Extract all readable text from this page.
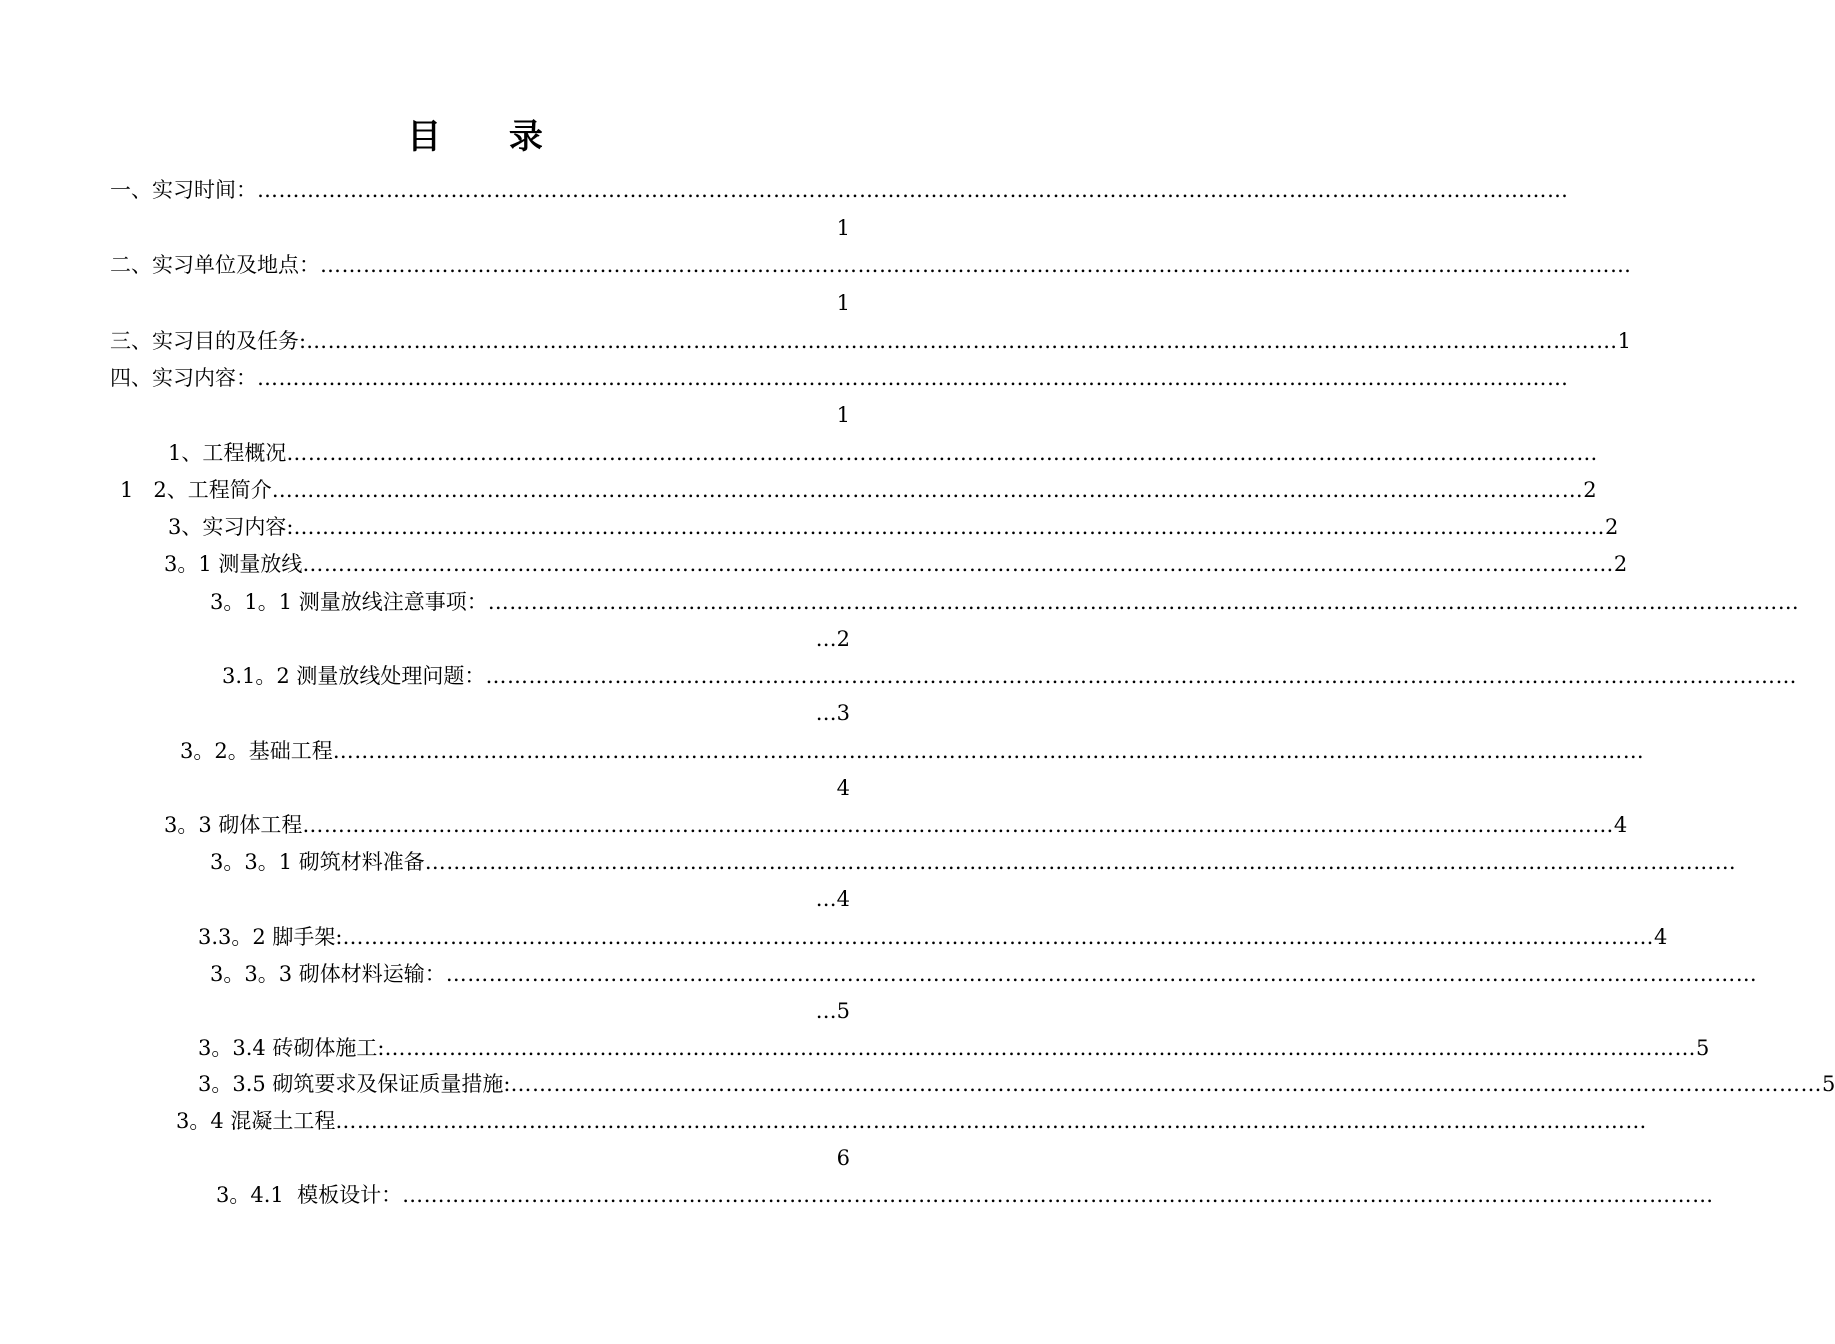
目 录
一、实习时间： …………………………………………………………………………………………………………………………………………………………………
1
二、实习单位及地点： …………………………………………………………………………………………………………………………………………………………………
1
三、实习目的及任务: ………………………………………………………………………………………………………………………………………………………………… 1
四、实习内容： …………………………………………………………………………………………………………………………………………………………………
1
1、工程概况 …………………………………………………………………………………………………………………………………………………………………
1   2、工程简介 ………………………………………………………………………………………………………………………………………………………………… 2
3、实习内容: ………………………………………………………………………………………………………………………………………………………………… 2
3。1 测量放线 ………………………………………………………………………………………………………………………………………………………………… 2
3。1。1 测量放线注意事项： …………………………………………………………………………………………………………………………………………………………………
…2
3.1。2 测量放线处理问题： …………………………………………………………………………………………………………………………………………………………………
…3
3。2。基础工程 …………………………………………………………………………………………………………………………………………………………………
4
3。3 砌体工程 ………………………………………………………………………………………………………………………………………………………………… 4
3。3。1 砌筑材料准备 …………………………………………………………………………………………………………………………………………………………………
…4
3.3。2 脚手架: ………………………………………………………………………………………………………………………………………………………………… 4
3。3。3 砌体材料运输： …………………………………………………………………………………………………………………………………………………………………
…5
3。3.4 砖砌体施工: ………………………………………………………………………………………………………………………………………………………………… 5
3。3.5 砌筑要求及保证质量措施: ………………………………………………………………………………………………………………………………………………………………… 5
3。4 混凝土工程 …………………………………………………………………………………………………………………………………………………………………
6
3。4.1  模板设计： …………………………………………………………………………………………………………………………………………………………………
